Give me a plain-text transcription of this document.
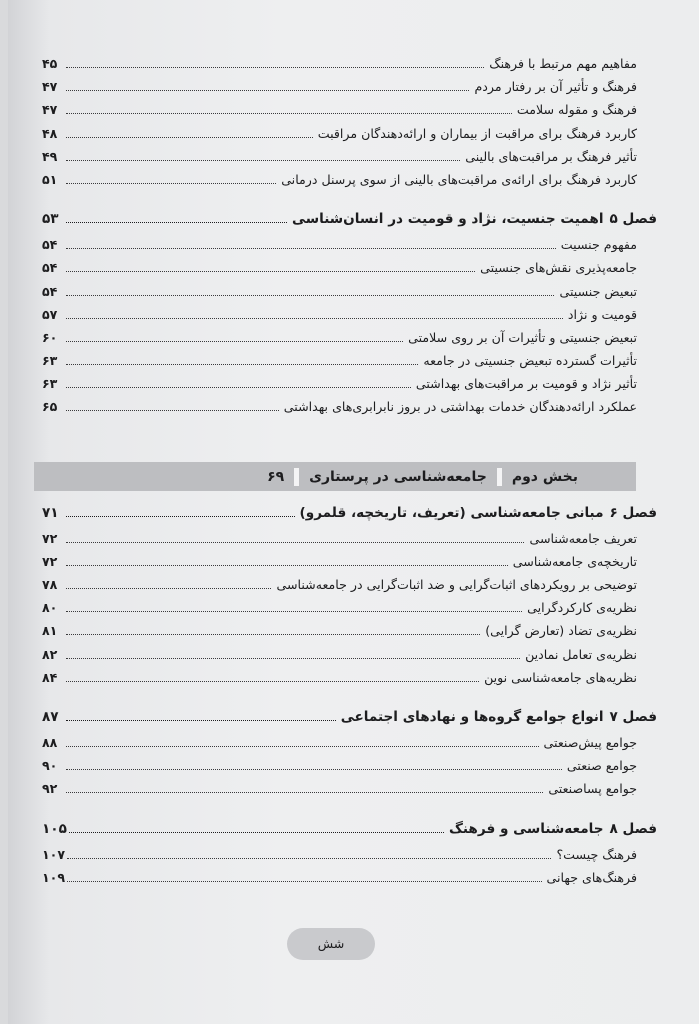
مفاهیم مهم مرتبط با فرهنگ
۴۵
فرهنگ و تأثیر آن بر رفتار مردم
۴۷
فرهنگ و مقوله سلامت
۴۷
کاربرد فرهنگ برای مراقبت از بیماران و ارائه‌دهندگان مراقبت
۴۸
تأثیر فرهنگ بر مراقبت‌های بالینی
۴۹
کاربرد فرهنگ برای ارائه‌ی مراقبت‌های بالینی از سوی پرسنل درمانی
۵۱
فصل ۵
اهمیت جنسیت، نژاد و قومیت در انسان‌شناسی
۵۳
مفهوم جنسیت
۵۴
جامعه‌پذیری نقش‌های جنسیتی
۵۴
تبعیض جنسیتی
۵۴
قومیت و نژاد
۵۷
تبعیض جنسیتی و تأثیرات آن بر روی سلامتی
۶۰
تأثیرات گسترده تبعیض جنسیتی در جامعه
۶۳
تأثیر نژاد و قومیت بر مراقبت‌های بهداشتی
۶۳
عملکرد ارائه‌دهندگان خدمات بهداشتی در بروز نابرابری‌های بهداشتی
۶۵
فصل ۶
مبانی جامعه‌شناسی (تعریف، تاریخچه، قلمرو)
۷۱
تعریف جامعه‌شناسی
۷۲
تاریخچه‌ی جامعه‌شناسی
۷۲
توضیحی بر رویکردهای اثبات‌گرایی و ضد اثبات‌گرایی در جامعه‌شناسی
۷۸
نظریه‌ی کارکردگرایی
۸۰
نظریه‌ی تضاد (تعارض گرایی)
۸۱
نظریه‌ی تعامل نمادین
۸۲
نظریه‌های جامعه‌شناسی نوین
۸۴
فصل ۷
انواع جوامع گروه‌ها و نهادهای اجتماعی
۸۷
جوامع پیش‌صنعتی
۸۸
جوامع صنعتی
۹۰
جوامع پساصنعتی
۹۲
فصل ۸
جامعه‌شناسی و فرهنگ
۱۰۵
فرهنگ چیست؟
۱۰۷
فرهنگ‌های جهانی
۱۰۹
بخش دوم
جامعه‌شناسی در پرستاری
۶۹
شش
